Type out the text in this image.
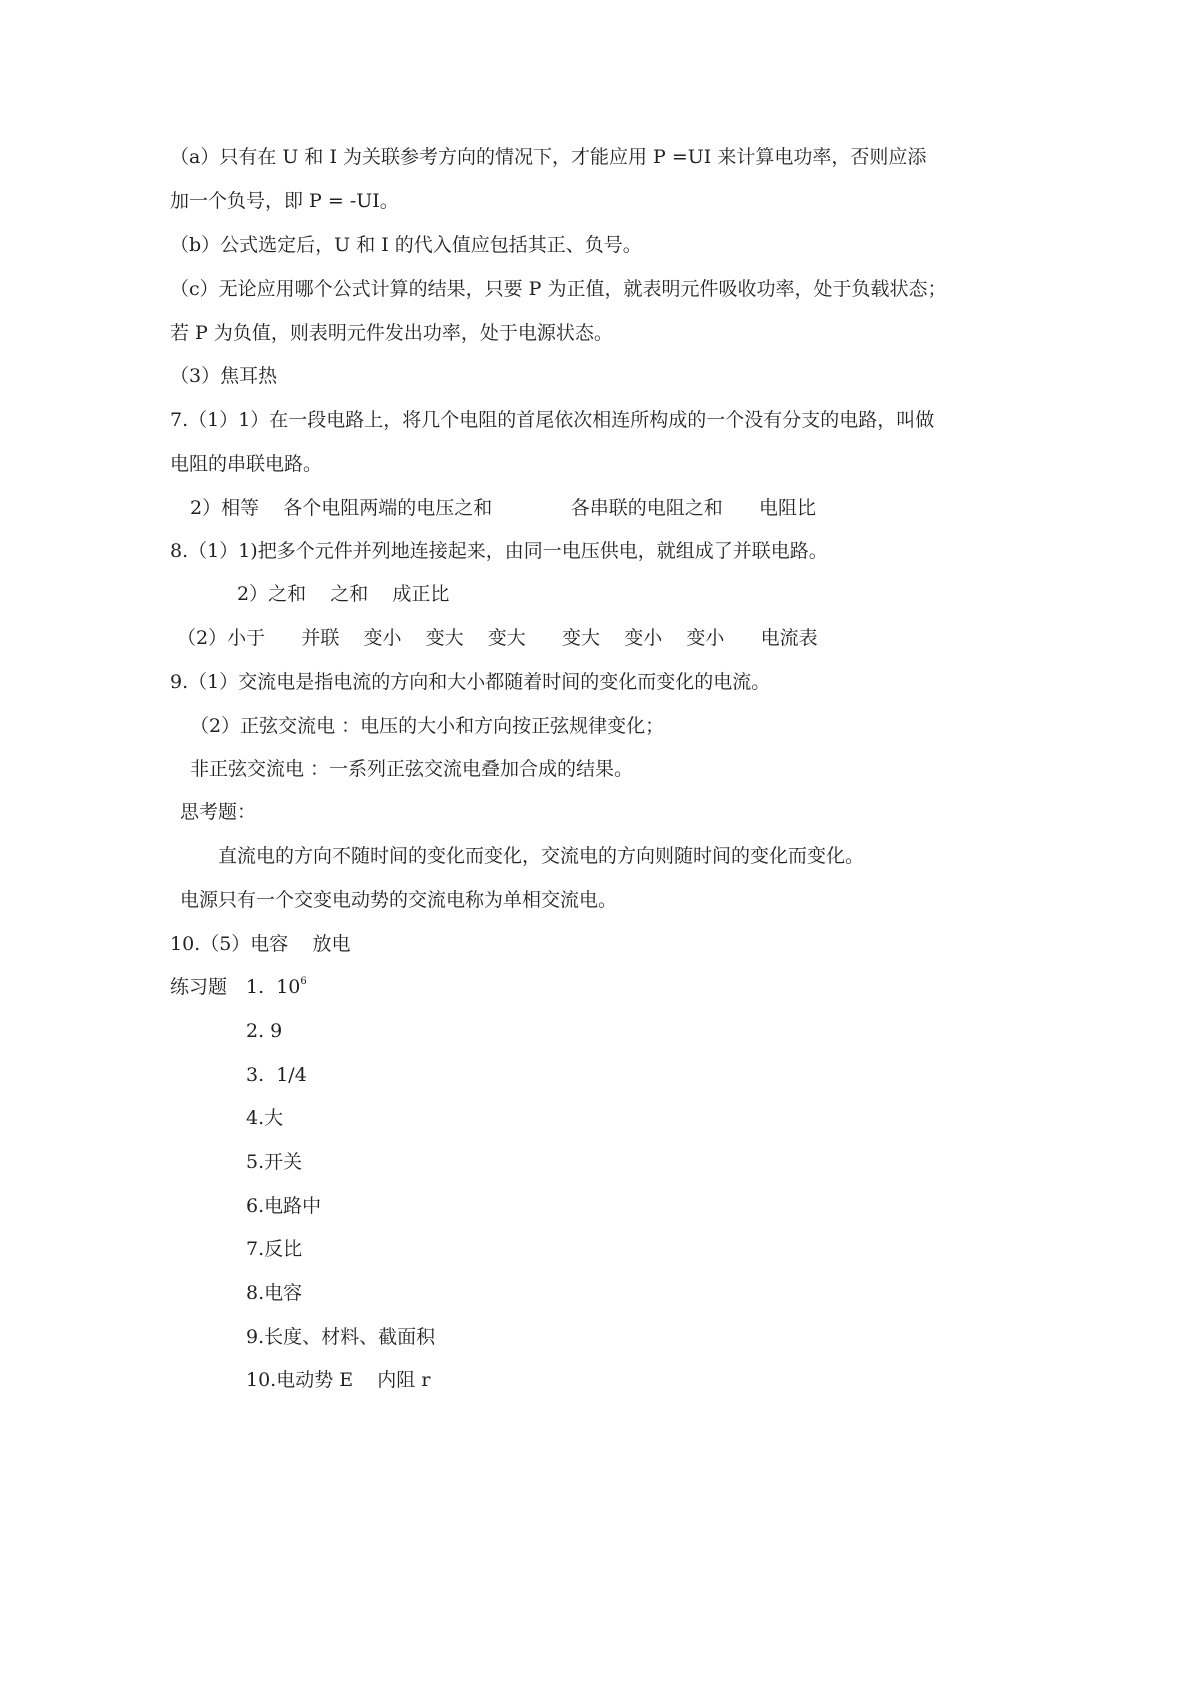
（a）只有在 U 和 I 为关联参考方向的情况下，才能应用 P =UI 来计算电功率，否则应添
加一个负号，即 P = -UI。
（b）公式选定后，U 和 I 的代入值应包括其正、负号。
（c）无论应用哪个公式计算的结果，只要 P 为正值，就表明元件吸收功率，处于负载状态；
若 P 为负值，则表明元件发出功率，处于电源状态。
（3）焦耳热
7.（1）1）在一段电路上，将几个电阻的首尾依次相连所构成的一个没有分支的电路，叫做
电阻的串联电路。
2）相等    各个电阻两端的电压之和             各串联的电阻之和      电阻比
8.（1）1)把多个元件并列地连接起来，由同一电压供电，就组成了并联电路。
2）之和    之和    成正比
（2）小于      并联    变小    变大    变大      变大    变小    变小      电流表
9.（1）交流电是指电流的方向和大小都随着时间的变化而变化的电流。
（2）正弦交流电 ：电压的大小和方向按正弦规律变化；
非正弦交流电 ：一系列正弦交流电叠加合成的结果。
思考题：
直流电的方向不随时间的变化而变化，交流电的方向则随时间的变化而变化。
电源只有一个交变电动势的交流电称为单相交流电。
10.（5）电容    放电
练习题 1.  $10^6$
2. 9
3.  1/4
4.大
5.开关
6.电路中
7.反比
8.电容
9.长度、材料、截面积
10.电动势 E    内阻 r
